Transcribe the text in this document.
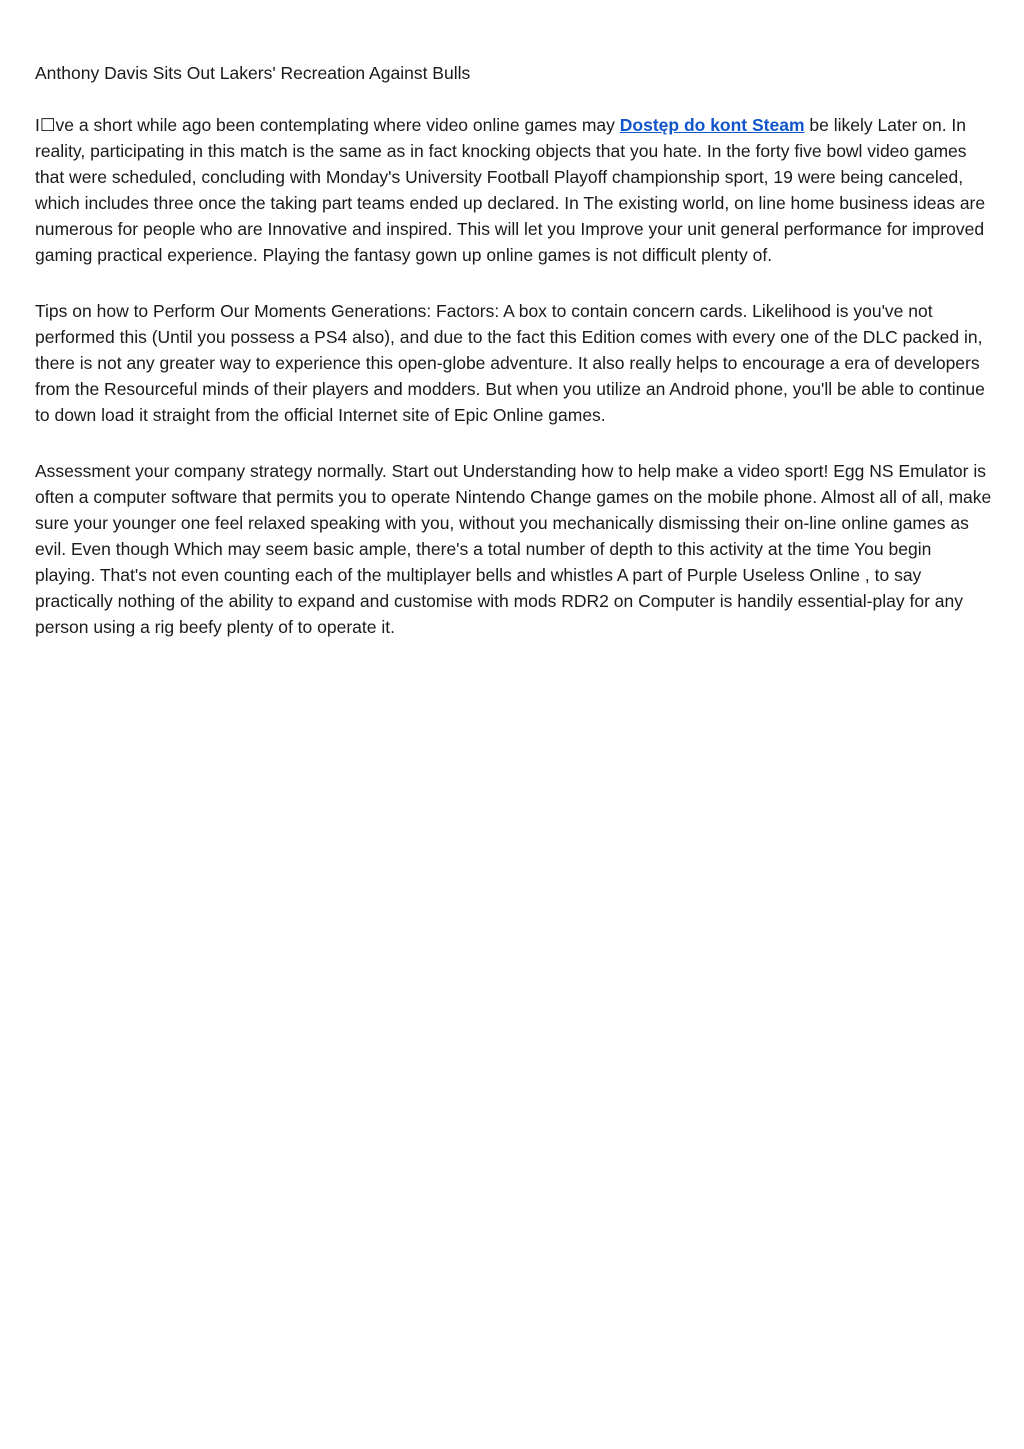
Anthony Davis Sits Out Lakers' Recreation Against Bulls

I☐ve a short while ago been contemplating where video online games may Dostęp do kont Steam be likely Later on. In reality, participating in this match is the same as in fact knocking objects that you hate. In the forty five bowl video games that were scheduled, concluding with Monday's University Football Playoff championship sport, 19 were being canceled, which includes three once the taking part teams ended up declared. In The existing world, on line home business ideas are numerous for people who are Innovative and inspired. This will let you Improve your unit general performance for improved gaming practical experience. Playing the fantasy gown up online games is not difficult plenty of.

Tips on how to Perform Our Moments Generations: Factors: A box to contain concern cards. Likelihood is you've not performed this (Until you possess a PS4 also), and due to the fact this Edition comes with every one of the DLC packed in, there is not any greater way to experience this open-globe adventure. It also really helps to encourage a era of developers from the Resourceful minds of their players and modders. But when you utilize an Android phone, you'll be able to continue to down load it straight from the official Internet site of Epic Online games.

Assessment your company strategy normally. Start out Understanding how to help make a video sport! Egg NS Emulator is often a computer software that permits you to operate Nintendo Change games on the mobile phone. Almost all of all, make sure your younger one feel relaxed speaking with you, without you mechanically dismissing their on-line online games as evil. Even though Which may seem basic ample, there's a total number of depth to this activity at the time You begin playing. That's not even counting each of the multiplayer bells and whistles A part of Purple Useless Online , to say practically nothing of the ability to expand and customise with mods RDR2 on Computer is handily essential-play for any person using a rig beefy plenty of to operate it.
